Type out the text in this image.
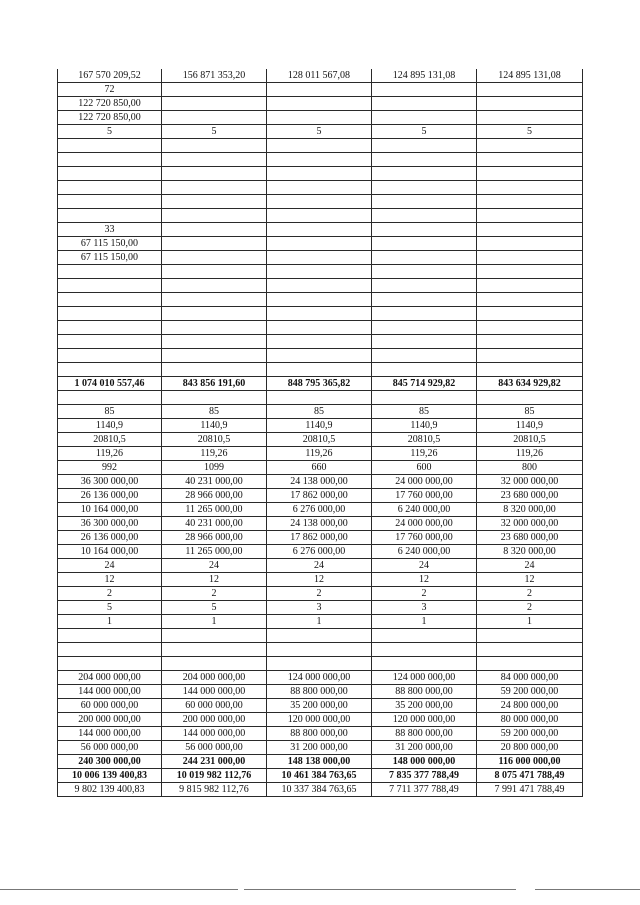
167 570 209,52	156 871 353,20	128 011 567,08	124 895 131,08	124 895 131,08
72				
122 720 850,00				
122 720 850,00				
5	5	5	5	5

33				
67 115 150,00				
67 115 150,00				

1 074 010 557,46	843 856 191,60	848 795 365,82	845 714 929,82	843 634 929,82

85	85	85	85	85
1140,9	1140,9	1140,9	1140,9	1140,9
20810,5	20810,5	20810,5	20810,5	20810,5
119,26	119,26	119,26	119,26	119,26
992	1099	660	600	800
36 300 000,00	40 231 000,00	24 138 000,00	24 000 000,00	32 000 000,00
26 136 000,00	28 966 000,00	17 862 000,00	17 760 000,00	23 680 000,00
10 164 000,00	11 265 000,00	6 276 000,00	6 240 000,00	8 320 000,00
36 300 000,00	40 231 000,00	24 138 000,00	24 000 000,00	32 000 000,00
26 136 000,00	28 966 000,00	17 862 000,00	17 760 000,00	23 680 000,00
10 164 000,00	11 265 000,00	6 276 000,00	6 240 000,00	8 320 000,00
24	24	24	24	24
12	12	12	12	12
2	2	2	2	2
5	5	3	3	2
1	1	1	1	1

204 000 000,00	204 000 000,00	124 000 000,00	124 000 000,00	84 000 000,00
144 000 000,00	144 000 000,00	88 800 000,00	88 800 000,00	59 200 000,00
60 000 000,00	60 000 000,00	35 200 000,00	35 200 000,00	24 800 000,00
200 000 000,00	200 000 000,00	120 000 000,00	120 000 000,00	80 000 000,00
144 000 000,00	144 000 000,00	88 800 000,00	88 800 000,00	59 200 000,00
56 000 000,00	56 000 000,00	31 200 000,00	31 200 000,00	20 800 000,00
240 300 000,00	244 231 000,00	148 138 000,00	148 000 000,00	116 000 000,00
10 006 139 400,83	10 019 982 112,76	10 461 384 763,65	7 835 377 788,49	8 075 471 788,49
9 802 139 400,83	9 815 982 112,76	10 337 384 763,65	7 711 377 788,49	7 991 471 788,49
